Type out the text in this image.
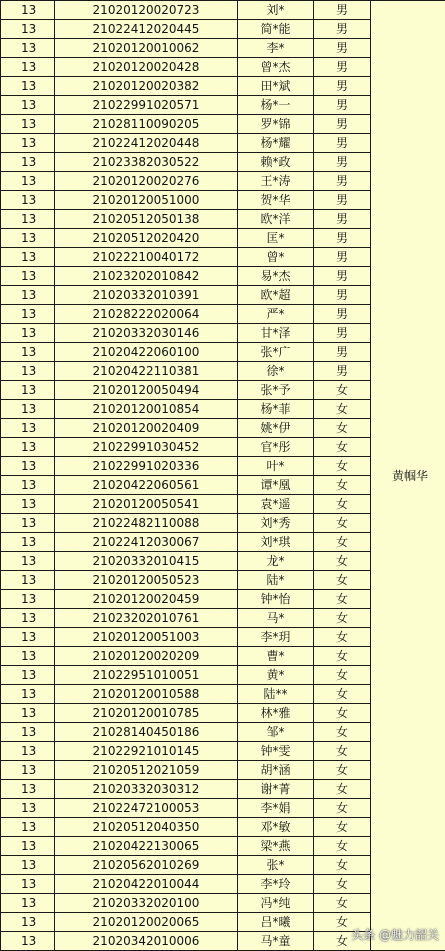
13	21020120020723	刘*	男	黄帼华
13	21022412020445	简*能	男	
13	21020120010062	李*	男	
13	21020120020428	曾*杰	男	
13	21020120020382	田*斌	男	
13	21022991020571	杨*一	男	
13	21028110090205	罗*锦	男	
13	21022412020448	杨*耀	男	
13	21023382030522	赖*政	男	
13	21020120020276	王*涛	男	
13	21020120051000	贺*华	男	
13	21020512050138	欧*洋	男	
13	21020512020420	匡*	男	
13	21022210040172	曾*	男	
13	21023202010842	易*杰	男	
13	21020332010391	欧*超	男	
13	21028222020064	严*	男	
13	21020332030146	甘*泽	男	
13	21020422060100	张*广	男	
13	21020422110381	徐*	男	
13	21020120050494	张*予	女	
13	21020120010854	杨*菲	女	
13	21020120020409	姚*伊	女	
13	21022991030452	官*彤	女	
13	21022991020336	叶*	女	
13	21020422060561	谭*凰	女	
13	21020120050541	袁*遥	女	
13	21022482110088	刘*秀	女	
13	21022412030067	刘*琪	女	
13	21020332010415	龙*	女	
13	21020120050523	陆*	女	
13	21020120020459	钟*怡	女	
13	21023202010761	马*	女	
13	21020120051003	李*玥	女	
13	21020120020209	曹*	女	
13	21022951010051	黄*	女	
13	21020120010588	陆**	女	
13	21020120010785	林*雅	女	
13	21028140450186	邹*	女	
13	21022921010145	钟*雯	女	
13	21020512021059	胡*涵	女	
13	21020332030312	谢*菁	女	
13	21022472100053	李*娟	女	
13	21020512040350	邓*敏	女	
13	21020422130065	梁*燕	女	
13	21020562010269	张*	女	
13	21020422010044	李*玲	女	
13	21020332020100	冯*纯	女	
13	21020120020065	吕*曦	女	
13	21020342010006	马*童	女	头条 @魅力韶关
